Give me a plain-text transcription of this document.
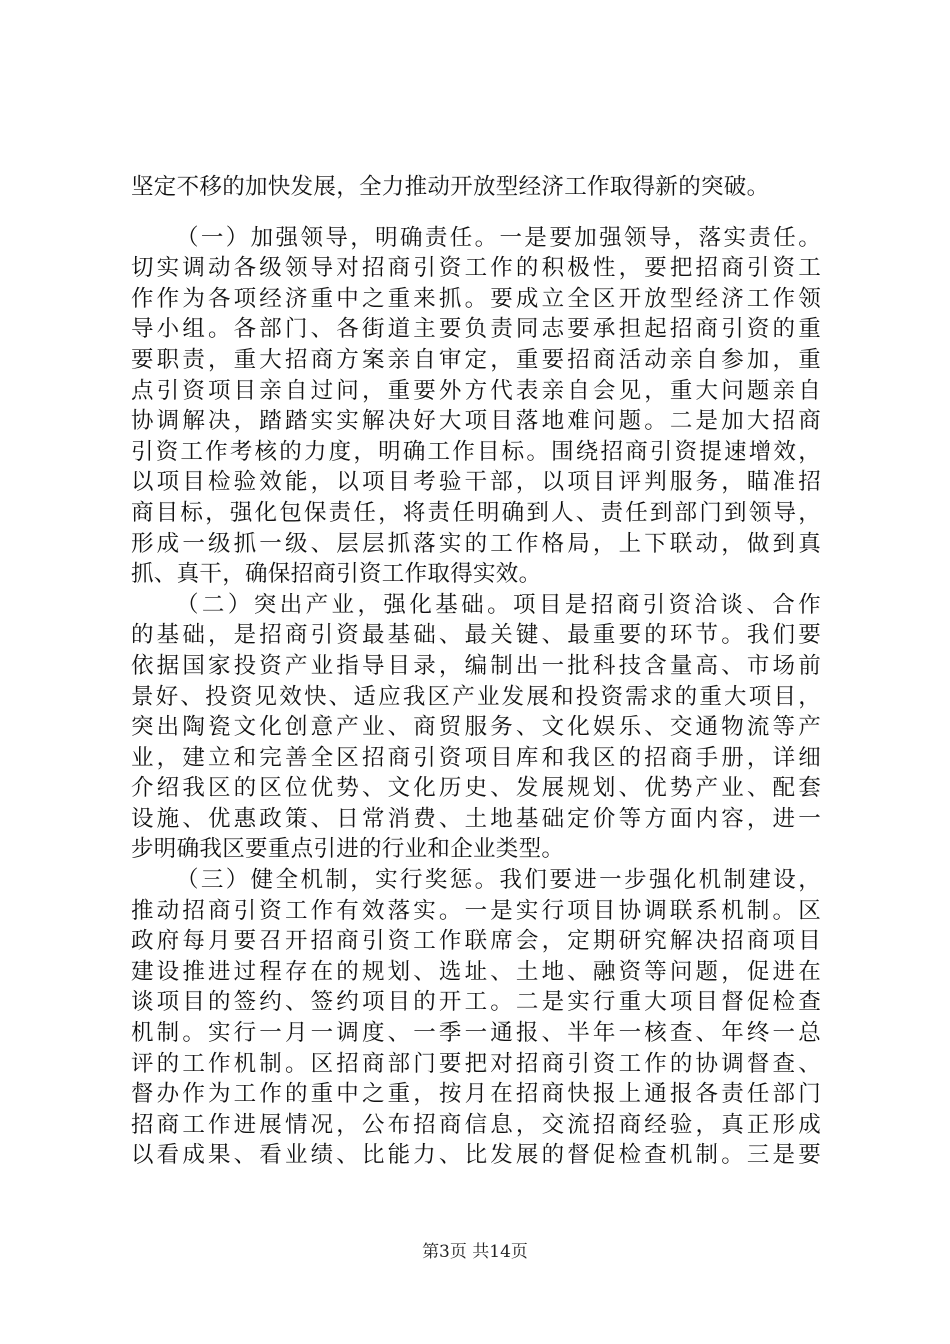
坚定不移的加快发展，全力推动开放型经济工作取得新的突破。

（一）加强领导，明确责任。一是要加强领导，落实责任。
切实调动各级领导对招商引资工作的积极性，要把招商引资工
作作为各项经济重中之重来抓。要成立全区开放型经济工作领
导小组。各部门、各街道主要负责同志要承担起招商引资的重
要职责，重大招商方案亲自审定，重要招商活动亲自参加，重
点引资项目亲自过问，重要外方代表亲自会见，重大问题亲自
协调解决，踏踏实实解决好大项目落地难问题。二是加大招商
引资工作考核的力度，明确工作目标。围绕招商引资提速增效，
以项目检验效能，以项目考验干部，以项目评判服务，瞄准招
商目标，强化包保责任，将责任明确到人、责任到部门到领导，
形成一级抓一级、层层抓落实的工作格局，上下联动，做到真
抓、真干，确保招商引资工作取得实效。

（二）突出产业，强化基础。项目是招商引资洽谈、合作
的基础，是招商引资最基础、最关键、最重要的环节。我们要
依据国家投资产业指导目录，编制出一批科技含量高、市场前
景好、投资见效快、适应我区产业发展和投资需求的重大项目，
突出陶瓷文化创意产业、商贸服务、文化娱乐、交通物流等产
业，建立和完善全区招商引资项目库和我区的招商手册，详细
介绍我区的区位优势、文化历史、发展规划、优势产业、配套
设施、优惠政策、日常消费、土地基础定价等方面内容，进一
步明确我区要重点引进的行业和企业类型。

（三）健全机制，实行奖惩。我们要进一步强化机制建设，
推动招商引资工作有效落实。一是实行项目协调联系机制。区
政府每月要召开招商引资工作联席会，定期研究解决招商项目
建设推进过程存在的规划、选址、土地、融资等问题，促进在
谈项目的签约、签约项目的开工。二是实行重大项目督促检查
机制。实行一月一调度、一季一通报、半年一核查、年终一总
评的工作机制。区招商部门要把对招商引资工作的协调督查、
督办作为工作的重中之重，按月在招商快报上通报各责任部门
招商工作进展情况，公布招商信息，交流招商经验，真正形成
以看成果、看业绩、比能力、比发展的督促检查机制。三是要

第3页 共14页
